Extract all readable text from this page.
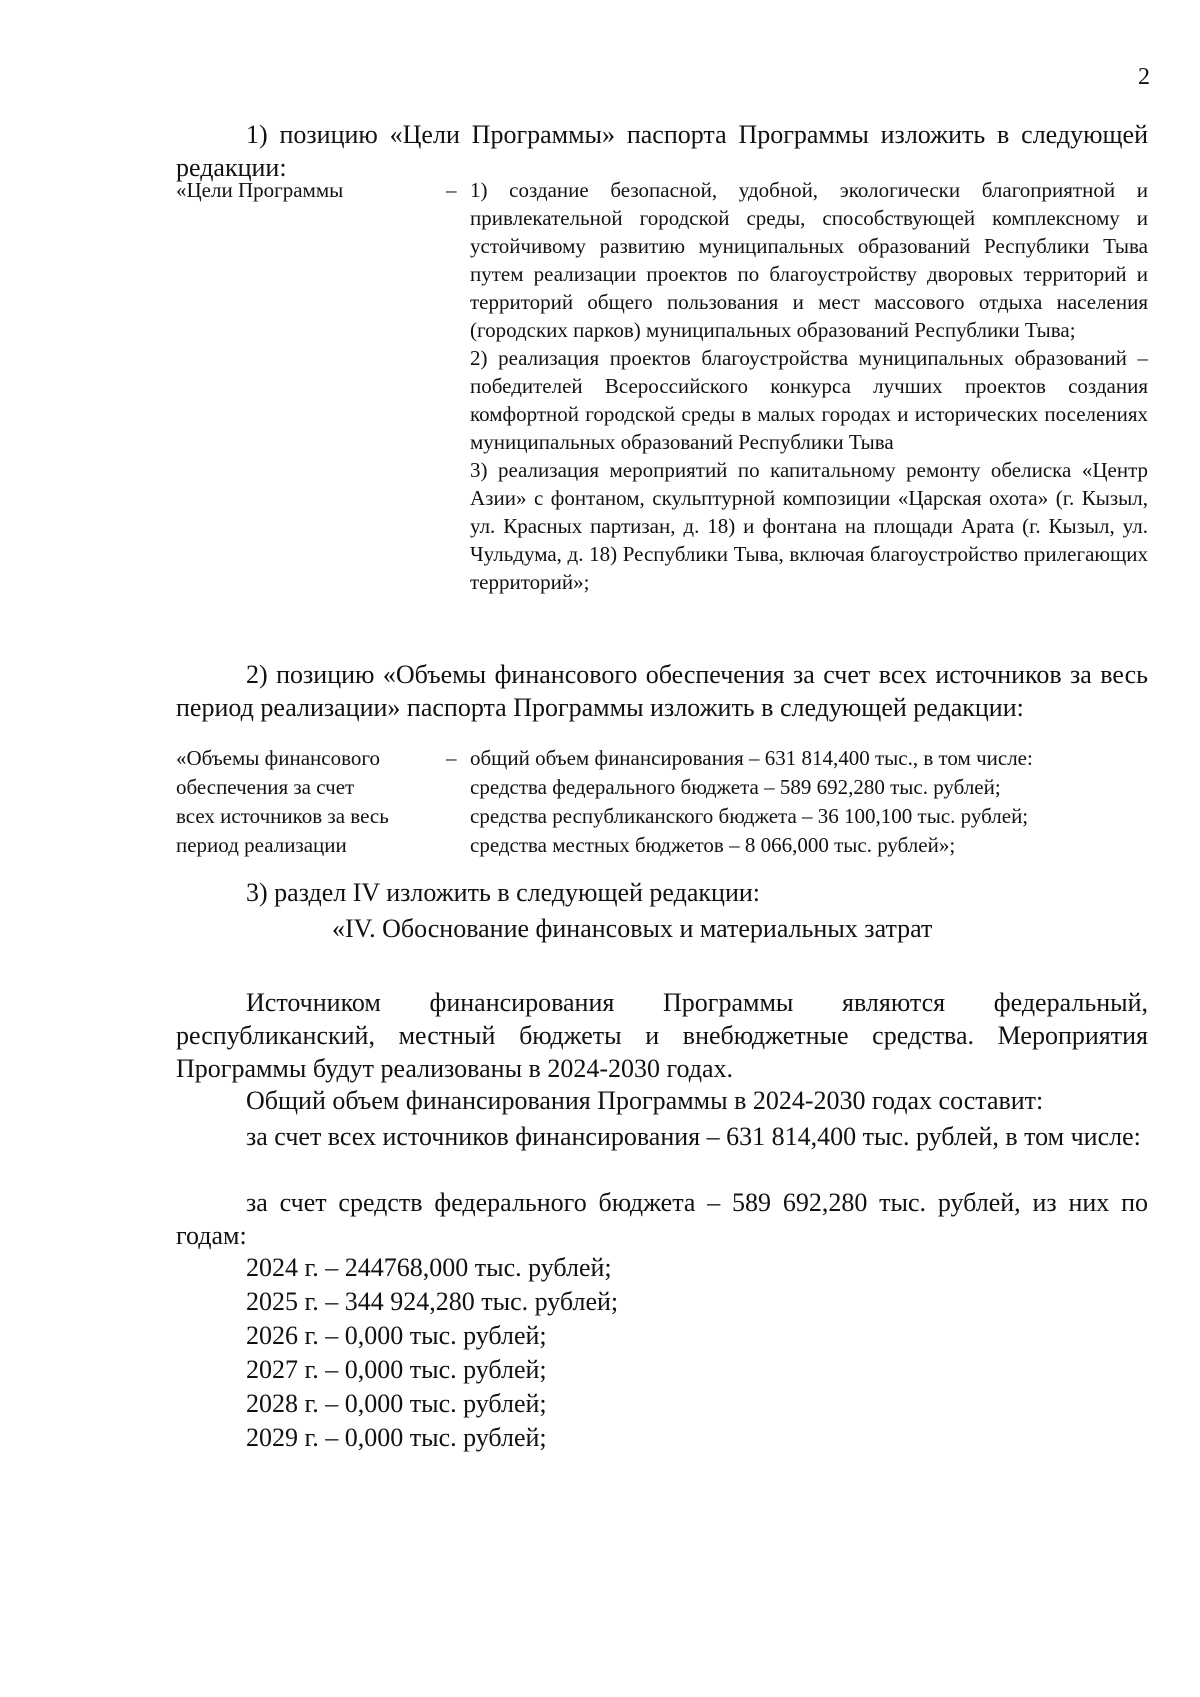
2

1) позицию «Цели Программы» паспорта Программы изложить в следующей редакции:

«Цели Программы	– 1) создание безопасной, удобной, экологически благоприятной и привлекательной городской среды, способствующей комплексному и устойчивому развитию муниципальных образований Республики Тыва путем реализации проектов по благоустройству дворовых территорий и территорий общего пользования и мест массового отдыха населения (городских парков) муниципальных образований Республики Тыва;
2) реализация проектов благоустройства муниципальных образований – победителей Всероссийского конкурса лучших проектов создания комфортной городской среды в малых городах и исторических поселениях муниципальных образований Республики Тыва
3) реализация мероприятий по капитальному ремонту обелиска «Центр Азии» с фонтаном, скульптурной композиции «Царская охота» (г. Кызыл, ул. Красных партизан, д. 18) и фонтана на площади Арата (г. Кызыл, ул. Чульдума, д. 18) Республики Тыва, включая благоустройство прилегающих территорий»;

2) позицию «Объемы финансового обеспечения за счет всех источников за весь период реализации» паспорта Программы изложить в следующей редакции:

«Объемы финансового
обеспечения за счет
всех источников за весь
период реализации
– общий объем финансирования – 631 814,400 тыс., в том числе:
средства федерального бюджета – 589 692,280 тыс. рублей;
средства республиканского бюджета – 36 100,100 тыс. рублей;
средства местных бюджетов – 8 066,000 тыс. рублей»;

3) раздел IV изложить в следующей редакции:

«IV. Обоснование финансовых и материальных затрат

Источником финансирования Программы являются федеральный, республиканский, местный бюджеты и внебюджетные средства. Мероприятия Программы будут реализованы в 2024-2030 годах.

Общий объем финансирования Программы в 2024-2030 годах составит:

за счет всех источников финансирования – 631 814,400 тыс. рублей, в том числе:

за счет средств федерального бюджета – 589 692,280 тыс. рублей, из них по годам:

2024 г. – 244768,000 тыс. рублей;
2025 г. – 344 924,280 тыс. рублей;
2026 г. – 0,000 тыс. рублей;
2027 г. – 0,000 тыс. рублей;
2028 г. – 0,000 тыс. рублей;
2029 г. – 0,000 тыс. рублей;
